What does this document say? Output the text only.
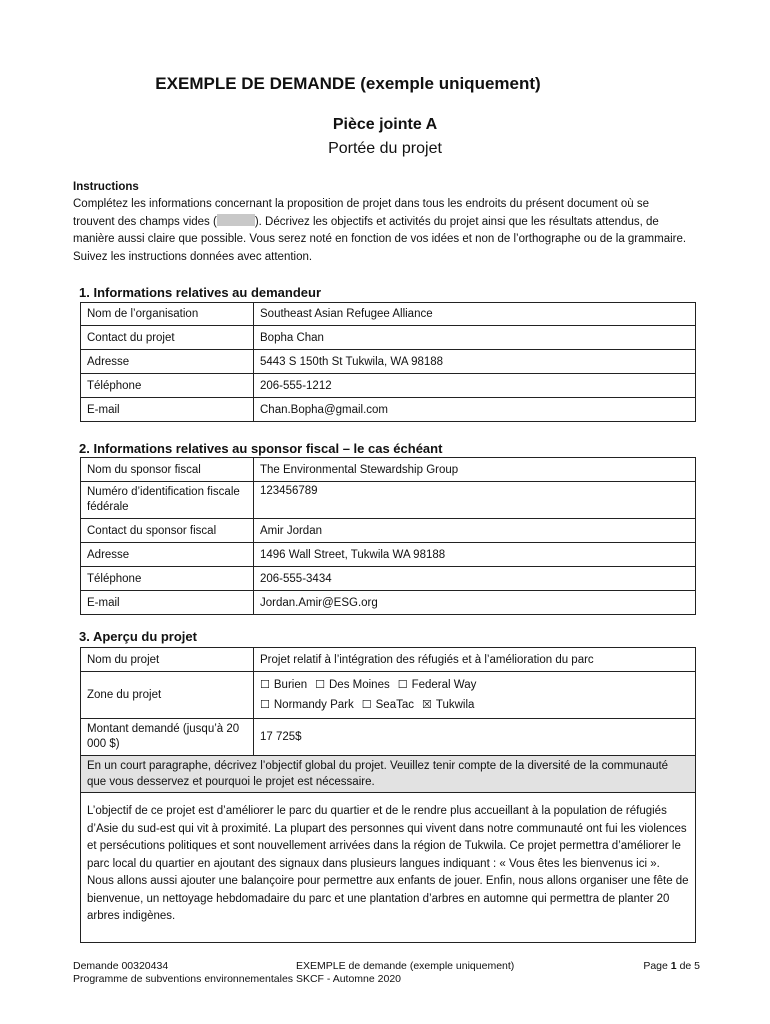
EXEMPLE DE DEMANDE (exemple uniquement)
Pièce jointe A
Portée du projet
Instructions
Complétez les informations concernant la proposition de projet dans tous les endroits du présent document où se trouvent des champs vides (	). Décrivez les objectifs et activités du projet ainsi que les résultats attendus, de manière aussi claire que possible. Vous serez noté en fonction de vos idées et non de l’orthographe ou de la grammaire. Suivez les instructions données avec attention.
1. Informations relatives au demandeur
Nom de l’organisation	Southeast Asian Refugee Alliance
Contact du projet	Bopha Chan
Adresse	5443 S 150th St Tukwila, WA 98188
Téléphone	206-555-1212
E-mail	Chan.Bopha@gmail.com
2. Informations relatives au sponsor fiscal – le cas échéant
Nom du sponsor fiscal	The Environmental Stewardship Group
Numéro d’identification fiscale fédérale	123456789
Contact du sponsor fiscal	Amir Jordan
Adresse	1496 Wall Street, Tukwila WA 98188
Téléphone	206-555-3434
E-mail	Jordan.Amir@ESG.org
3. Aperçu du projet
Nom du projet	Projet relatif à l’intégration des réfugiés et à l’amélioration du parc
Zone du projet	☐ Burien ☐ Des Moines ☐ Federal Way
☐ Normandy Park ☐ SeaTac ☒ Tukwila

Montant demandé (jusqu’à 20 000 $)	17 725$
En un court paragraphe, décrivez l’objectif global du projet. Veuillez tenir compte de la diversité de la communauté que vous desservez et pourquoi le projet est nécessaire.	
L’objectif de ce projet est d’améliorer le parc du quartier et de le rendre plus accueillant à la population de réfugiés d’Asie du sud-est qui vit à proximité. La plupart des personnes qui vivent dans notre communauté ont fui les violences et persécutions politiques et sont nouvellement arrivées dans la région de Tukwila. Ce projet permettra d’améliorer le parc local du quartier en ajoutant des signaux dans plusieurs langues indiquant : « Vous êtes les bienvenus ici ». Nous allons aussi ajouter une balançoire pour permettre aux enfants de jouer. Enfin, nous allons organiser une fête de bienvenue, un nettoyage hebdomadaire du parc et une plantation d’arbres en automne qui permettra de planter 20 arbres indigènes.	
Demande 00320434
Programme de subventions environnementales SKCF - Automne 2020
EXEMPLE de demande (exemple uniquement)	Page 1 de 5
